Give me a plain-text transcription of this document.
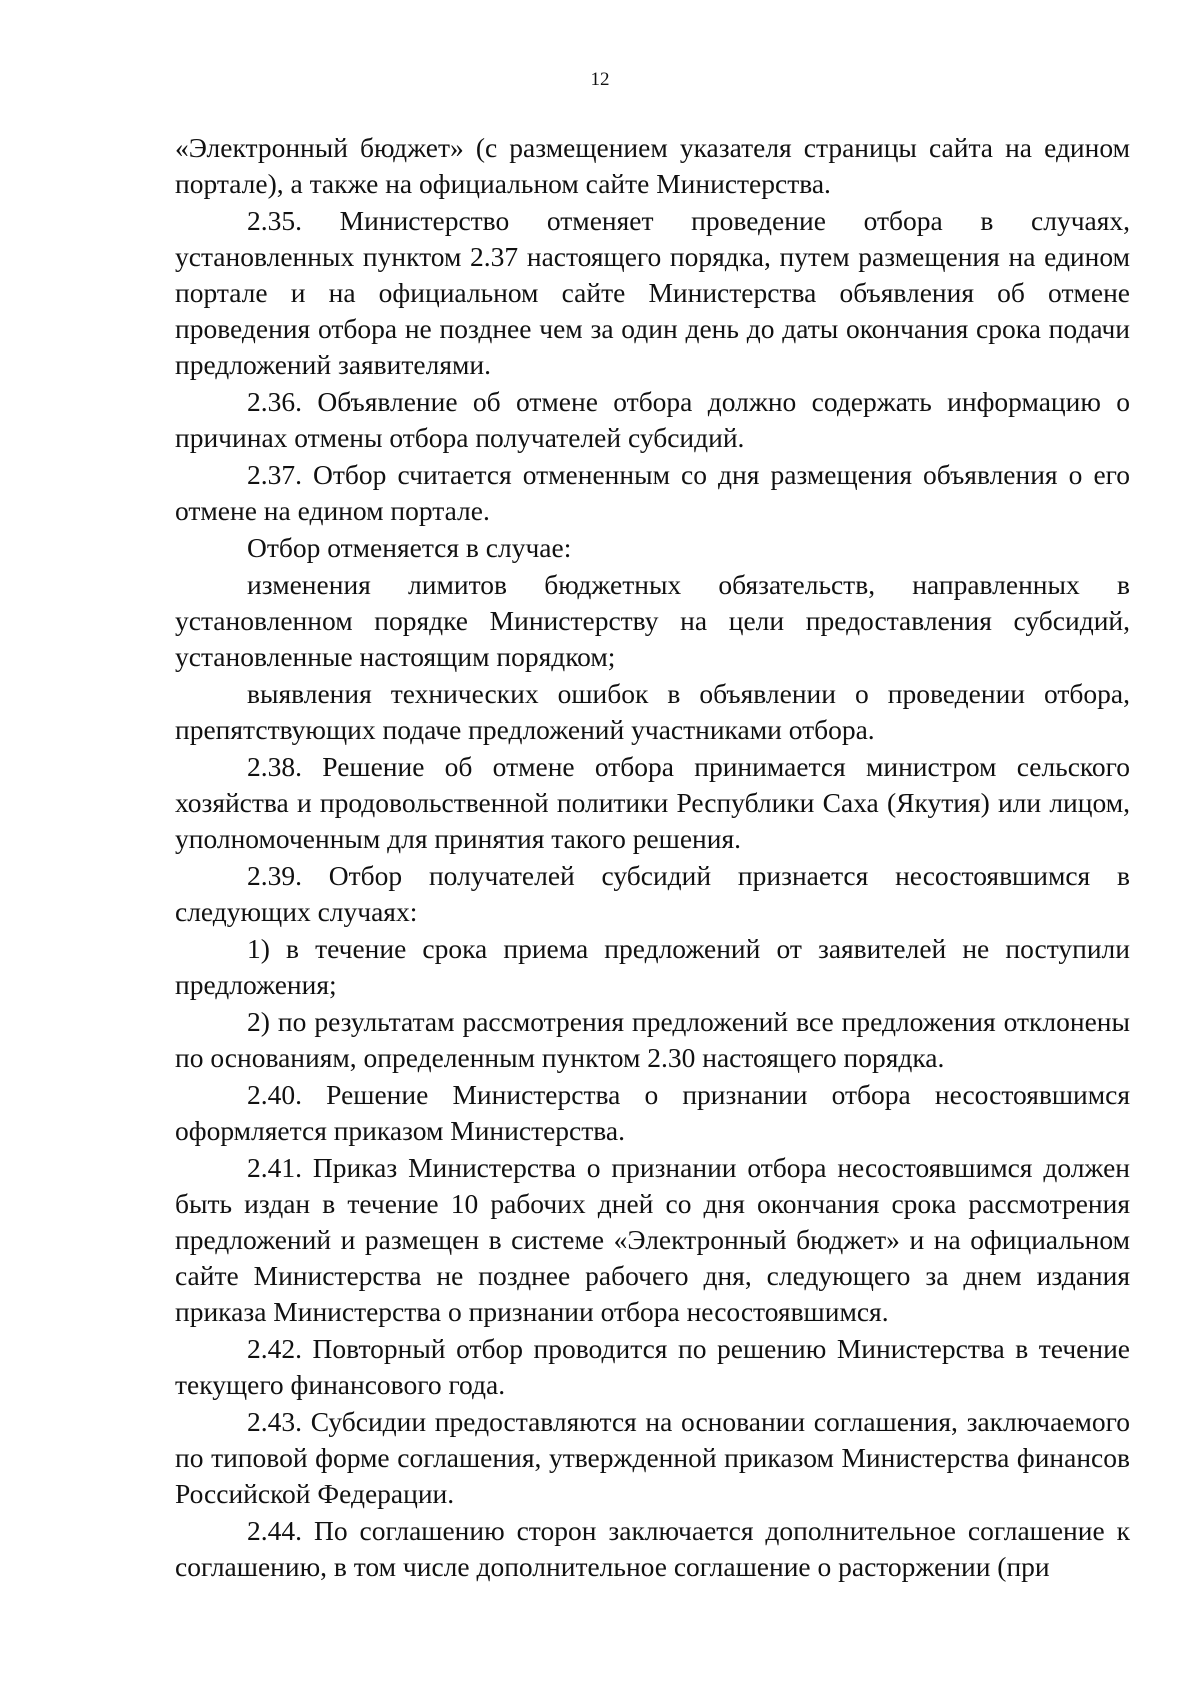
12

«Электронный бюджет» (с размещением указателя страницы сайта на едином портале), а также на официальном сайте Министерства.

2.35. Министерство отменяет проведение отбора в случаях, установленных пунктом 2.37 настоящего порядка, путем размещения на едином портале и на официальном сайте Министерства объявления об отмене проведения отбора не позднее чем за один день до даты окончания срока подачи предложений заявителями.

2.36. Объявление об отмене отбора должно содержать информацию о причинах отмены отбора получателей субсидий.

2.37. Отбор считается отмененным со дня размещения объявления о его отмене на едином портале.

Отбор отменяется в случае:

изменения лимитов бюджетных обязательств, направленных в установленном порядке Министерству на цели предоставления субсидий, установленные настоящим порядком;

выявления технических ошибок в объявлении о проведении отбора, препятствующих подаче предложений участниками отбора.

2.38. Решение об отмене отбора принимается министром сельского хозяйства и продовольственной политики Республики Саха (Якутия) или лицом, уполномоченным для принятия такого решения.

2.39. Отбор получателей субсидий признается несостоявшимся в следующих случаях:

1) в течение срока приема предложений от заявителей не поступили предложения;

2) по результатам рассмотрения предложений все предложения отклонены по основаниям, определенным пунктом 2.30 настоящего порядка.

2.40. Решение Министерства о признании отбора несостоявшимся оформляется приказом Министерства.

2.41. Приказ Министерства о признании отбора несостоявшимся должен быть издан в течение 10 рабочих дней со дня окончания срока рассмотрения предложений и размещен в системе «Электронный бюджет» и на официальном сайте Министерства не позднее рабочего дня, следующего за днем издания приказа Министерства о признании отбора несостоявшимся.

2.42. Повторный отбор проводится по решению Министерства в течение текущего финансового года.

2.43. Субсидии предоставляются на основании соглашения, заключаемого по типовой форме соглашения, утвержденной приказом Министерства финансов Российской Федерации.

2.44. По соглашению сторон заключается дополнительное соглашение к соглашению, в том числе дополнительное соглашение о расторжении (при
